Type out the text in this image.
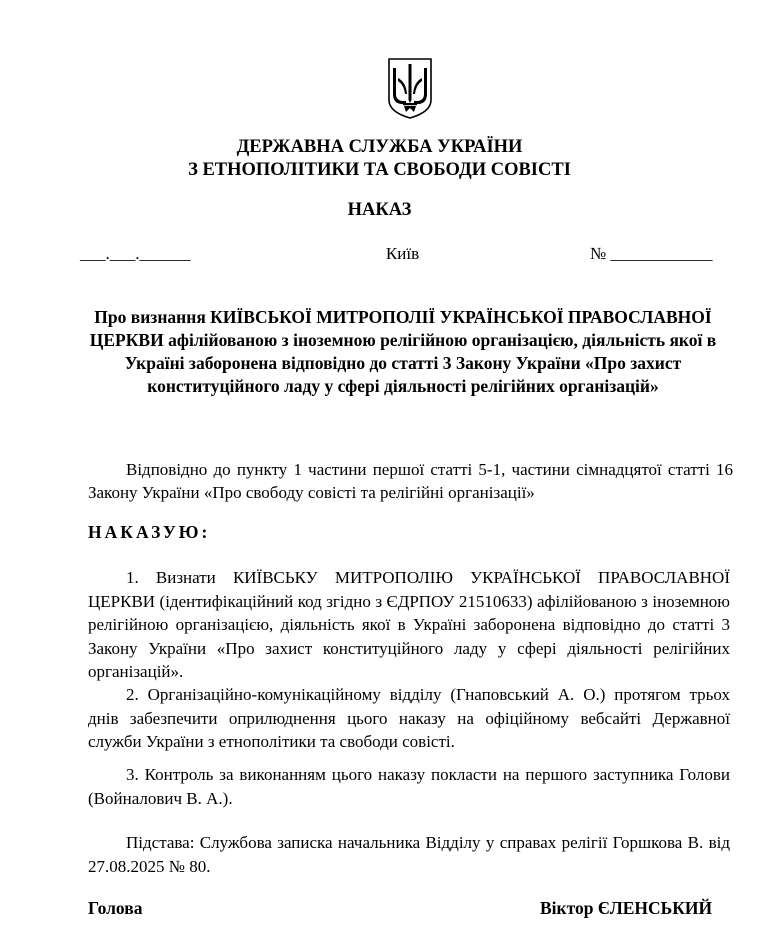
ДЕРЖАВНА СЛУЖБА УКРАЇНИ
З ЕТНОПОЛІТИКИ ТА СВОБОДИ СОВІСТІ
НАКАЗ
___.___.______	Київ	№ ____________
Про визнання КИЇВСЬКОЇ МИТРОПОЛІЇ УКРАЇНСЬКОЇ ПРАВОСЛАВНОЇ ЦЕРКВИ афілійованою з іноземною релігійною організацією, діяльність якої в Україні заборонена відповідно до статті 3 Закону України «Про захист конституційного ладу у сфері діяльності релігійних організацій»
Відповідно до пункту 1 частини першої статті 5-1, частини сімнадцятої статті 16 Закону України «Про свободу совісті та релігійні організації»
НАКАЗУЮ:

1. Визнати КИЇВСЬКУ МИТРОПОЛІЮ УКРАЇНСЬКОЇ ПРАВОСЛАВНОЇ ЦЕРКВИ (ідентифікаційний код згідно з ЄДРПОУ 21510633) афілійованою з іноземною релігійною організацією, діяльність якої в Україні заборонена відповідно до статті 3 Закону України «Про захист конституційного ладу у сфері діяльності релігійних організацій».

2. Організаційно-комунікаційному відділу (Гнаповський А. О.) протягом трьох днів забезпечити оприлюднення цього наказу на офіційному вебсайті Державної служби України з етнополітики та свободи совісті.

3. Контроль за виконанням цього наказу покласти на першого заступника Голови (Войналович В. А.).

Підстава: Службова записка начальника Відділу у справах релігії Горшкова В. від 27.08.2025 № 80.

Голова	Віктор ЄЛЕНСЬКИЙ
